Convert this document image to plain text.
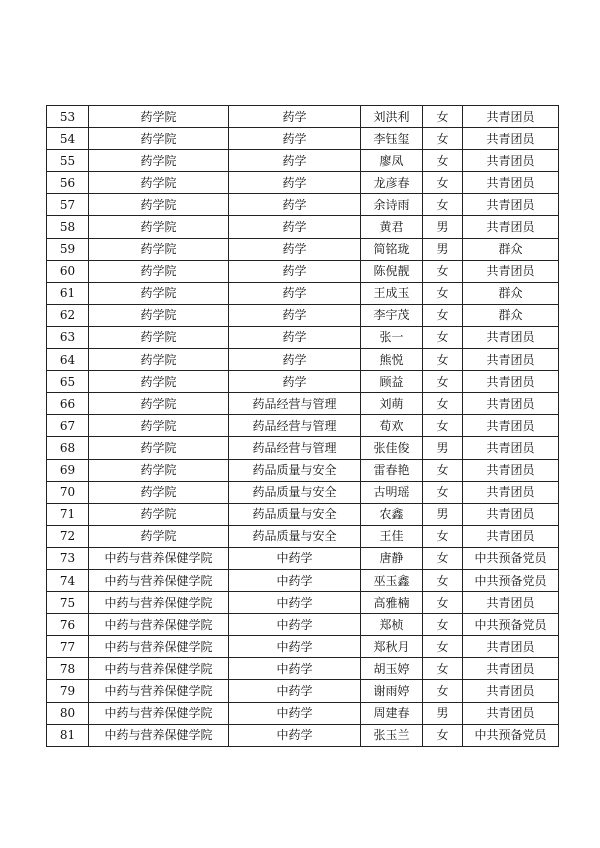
53	药学院	药学	刘洪利	女	共青团员
54	药学院	药学	李钰玺	女	共青团员
55	药学院	药学	廖凤	女	共青团员
56	药学院	药学	龙彦春	女	共青团员
57	药学院	药学	余诗雨	女	共青团员
58	药学院	药学	黄君	男	共青团员
59	药学院	药学	简铭珑	男	群众
60	药学院	药学	陈倪靓	女	共青团员
61	药学院	药学	王成玉	女	群众
62	药学院	药学	李宇茂	女	群众
63	药学院	药学	张一	女	共青团员
64	药学院	药学	熊悦	女	共青团员
65	药学院	药学	顾益	女	共青团员
66	药学院	药品经营与管理	刘萌	女	共青团员
67	药学院	药品经营与管理	荀欢	女	共青团员
68	药学院	药品经营与管理	张佳俊	男	共青团员
69	药学院	药品质量与安全	雷春艳	女	共青团员
70	药学院	药品质量与安全	古明瑶	女	共青团员
71	药学院	药品质量与安全	农鑫	男	共青团员
72	药学院	药品质量与安全	王佳	女	共青团员
73	中药与营养保健学院	中药学	唐静	女	中共预备党员
74	中药与营养保健学院	中药学	巫玉鑫	女	中共预备党员
75	中药与营养保健学院	中药学	高雅楠	女	共青团员
76	中药与营养保健学院	中药学	郑桢	女	中共预备党员
77	中药与营养保健学院	中药学	郑秋月	女	共青团员
78	中药与营养保健学院	中药学	胡玉婷	女	共青团员
79	中药与营养保健学院	中药学	谢雨婷	女	共青团员
80	中药与营养保健学院	中药学	周建春	男	共青团员
81	中药与营养保健学院	中药学	张玉兰	女	中共预备党员
